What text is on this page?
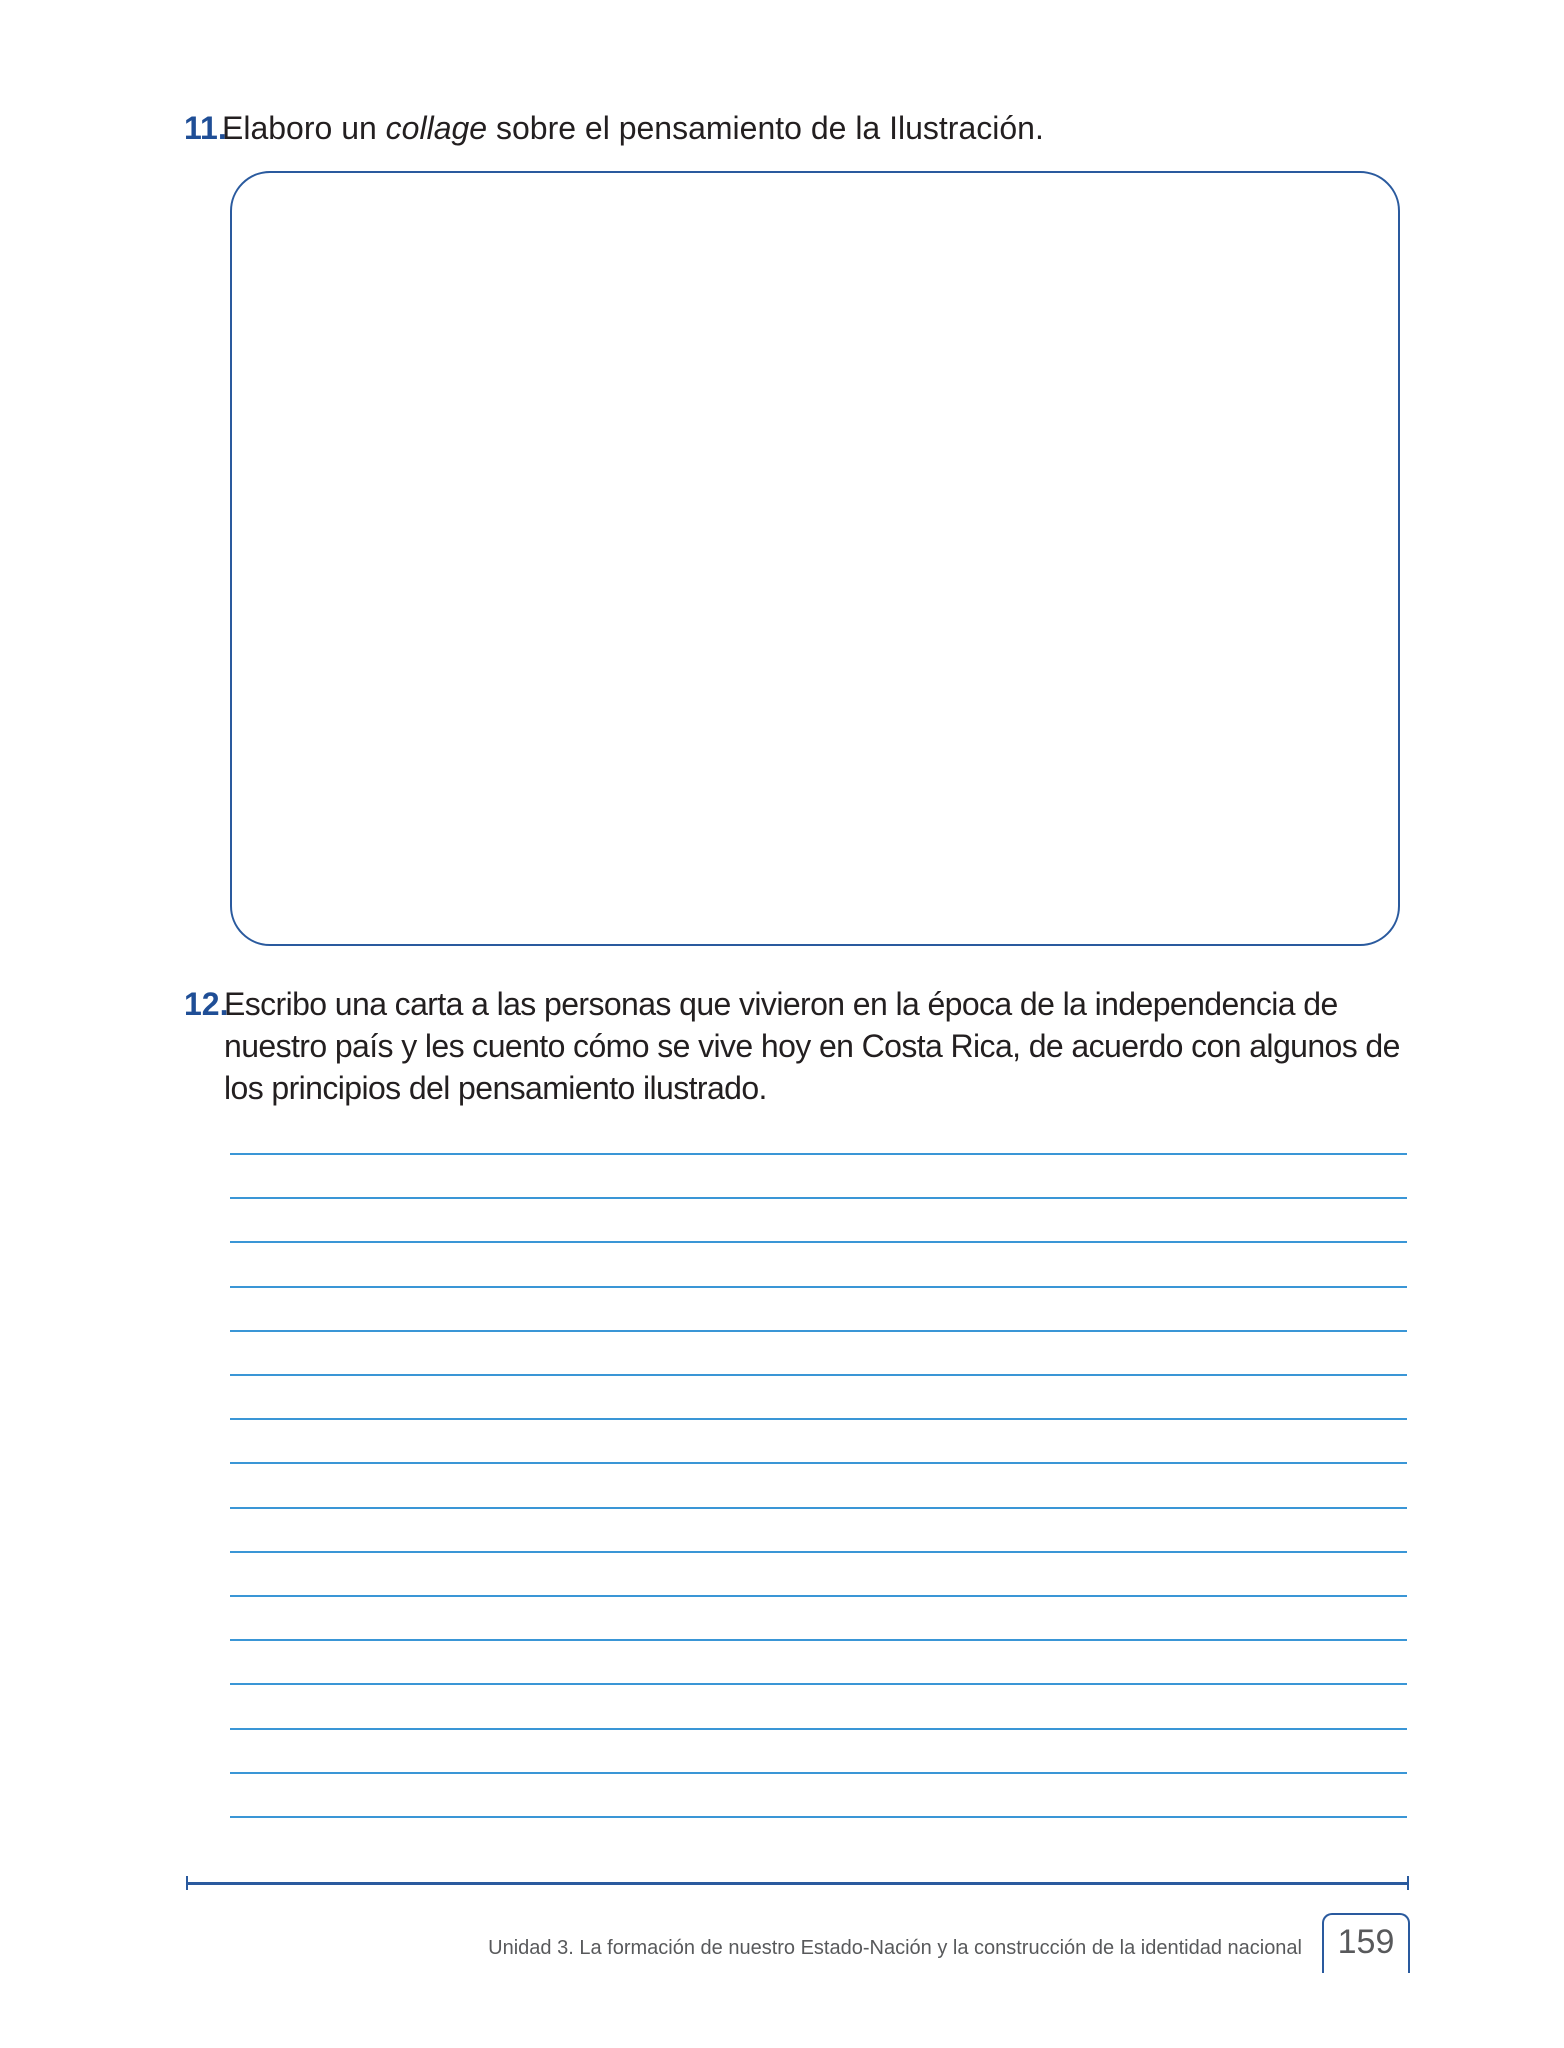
11.
Elaboro un collage sobre el pensamiento de la Ilustración.
12.
Escribo una carta a las personas que vivieron en la época de la independencia de nuestro país y les cuento cómo se vive hoy en Costa Rica, de acuerdo con algunos de los principios del pensamiento ilustrado.
Unidad 3. La formación de nuestro Estado-Nación y la construcción de la identidad nacional	159
